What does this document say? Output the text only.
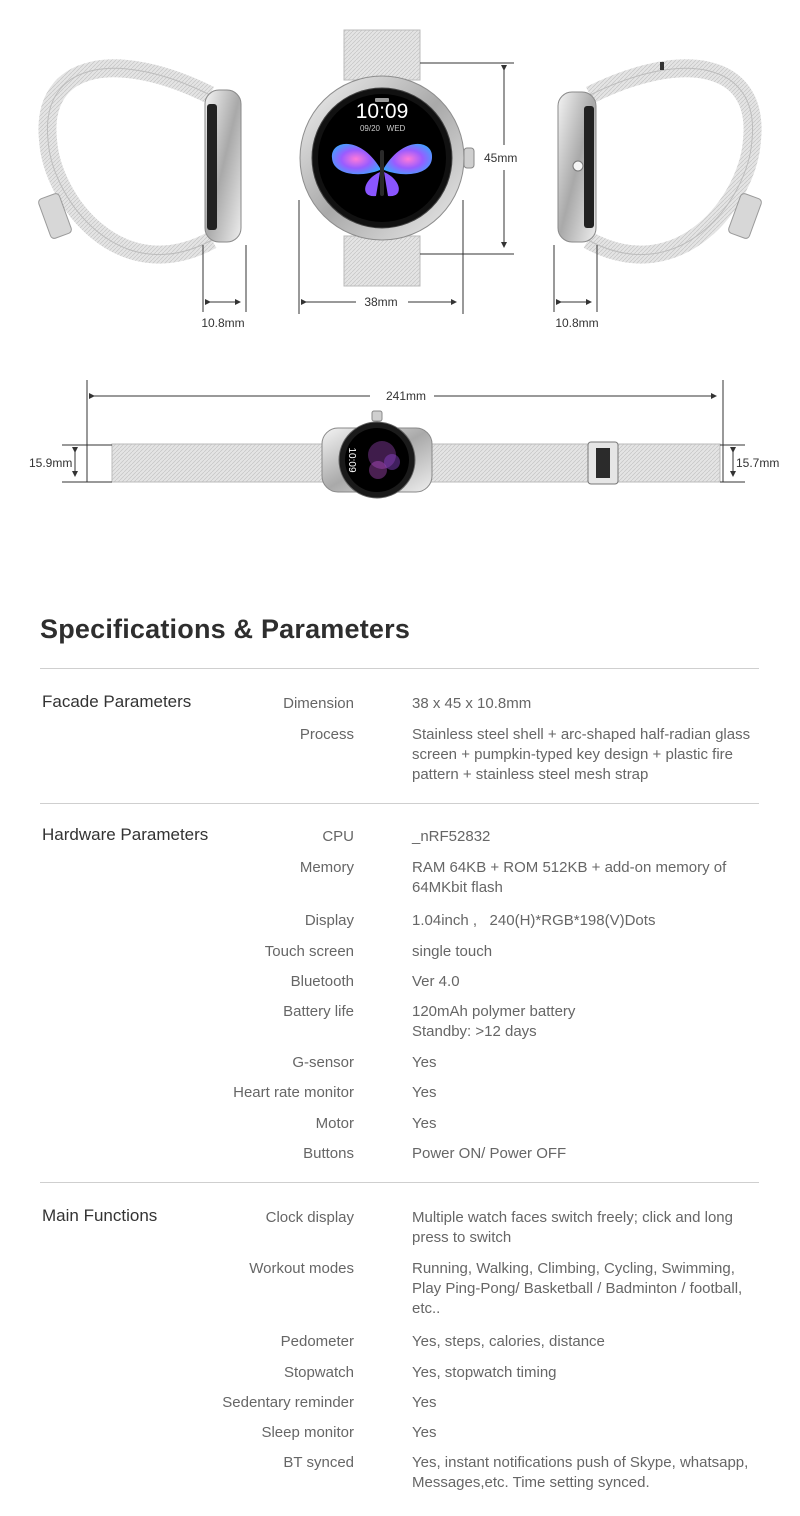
10:09
09/20 WED
10.8mm
38mm
45mm
10.8mm
10:09
241mm
15.9mm	15.7mm
Specifications & Parameters
Facade Parameters	Dimension	38 x 45 x 10.8mm
Process	Stainless steel shell + arc-shaped half-radian glass screen + pumpkin-typed key design + plastic fire pattern + stainless steel mesh strap
Hardware Parameters	CPU	_nRF52832
Memory	RAM 64KB + ROM 512KB + add-on memory of 64MKbit flash
Display	1.04inch ,   240(H)*RGB*198(V)Dots
Touch screen	single touch
Bluetooth	Ver 4.0
Battery life	120mAh polymer battery
Standby: >12 days
G-sensor	Yes
Heart rate monitor	Yes
Motor	Yes
Buttons	Power ON/ Power OFF
Main Functions	Clock display	Multiple watch faces switch freely; click and long press to switch
Workout modes	Running, Walking, Climbing, Cycling, Swimming, Play Ping-Pong/ Basketball / Badminton / football, etc..
Pedometer	Yes, steps, calories, distance
Stopwatch	Yes, stopwatch timing
Sedentary reminder	Yes
Sleep monitor	Yes
BT synced	Yes, instant notifications push of Skype, whatsapp, Messages,etc. Time setting synced.
